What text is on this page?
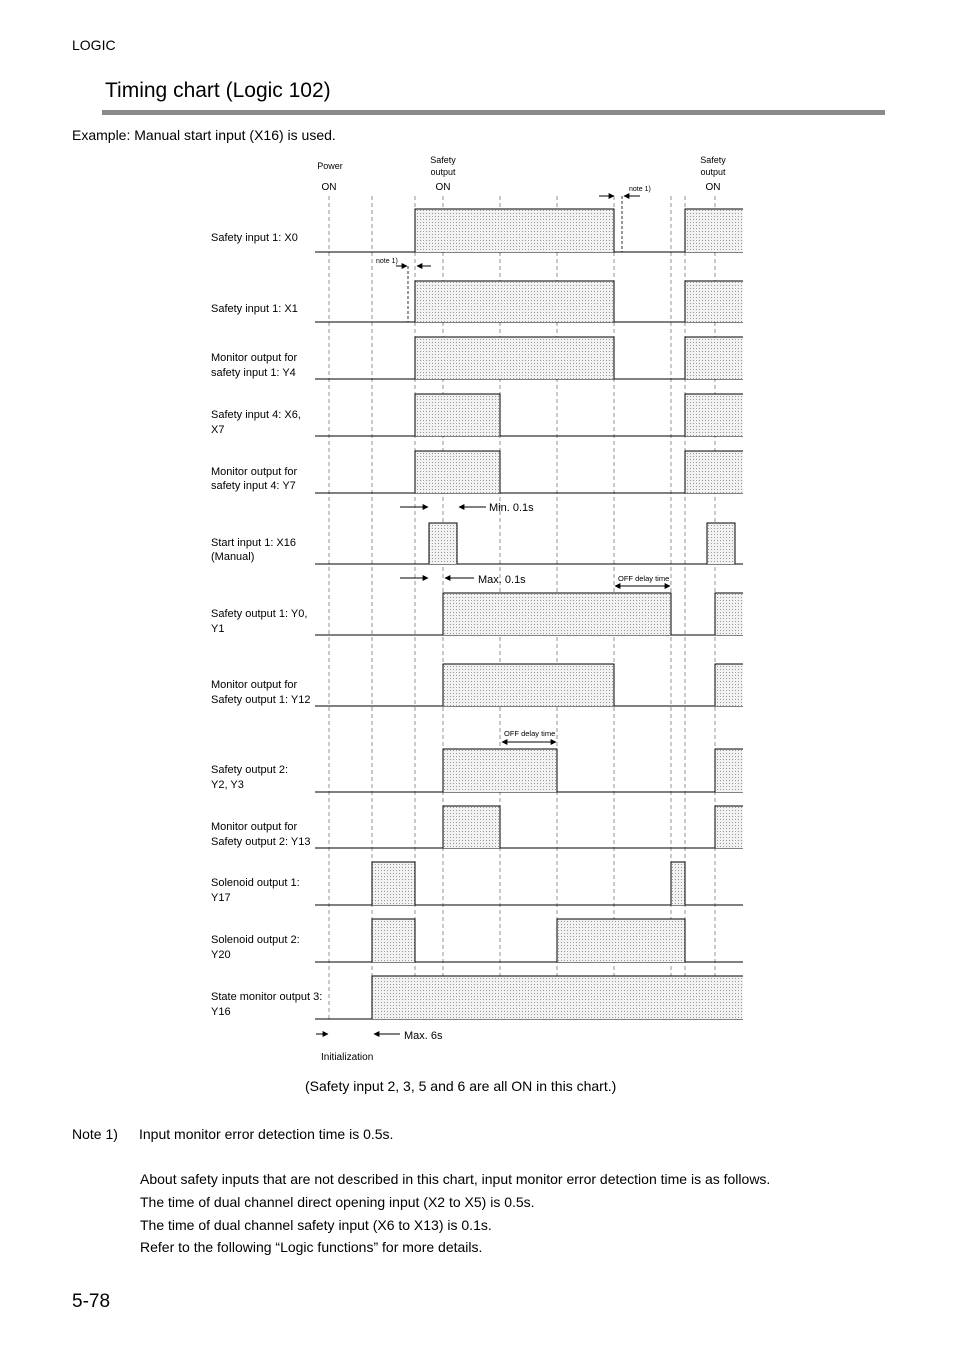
LOGIC
Timing chart (Logic 102)
Example: Manual start input (X16) is used.
Safety input 1: X0
Safety input 1: X1
Monitor output for
safety input 1: Y4
Safety input 4: X6,
X7
Monitor output for
safety input 4: Y7
Start input 1: X16
(Manual)
Safety output 1: Y0,
Y1
Monitor output for
Safety output 1: Y12
Safety output 2:
Y2, Y3
Monitor output for
Safety output 2: Y13
Solenoid output 1:
Y17
Solenoid output 2:
Y20
State monitor output 3:
Y16
Power
ON
Safety
output
ON
Safety
output
ON
note 1)
note 1)
Min. 0.1s
Max. 0.1s	OFF delay time
OFF delay time
Max. 6s
Initialization
(Safety input 2, 3, 5 and 6 are all ON in this chart.)
Note 1) Input monitor error detection time is 0.5s.
About safety inputs that are not described in this chart, input monitor error detection time is as follows.
The time of dual channel direct opening input (X2 to X5) is 0.5s.
The time of dual channel safety input (X6 to X13) is 0.1s.
Refer to the following “Logic functions” for more details.
5-78
